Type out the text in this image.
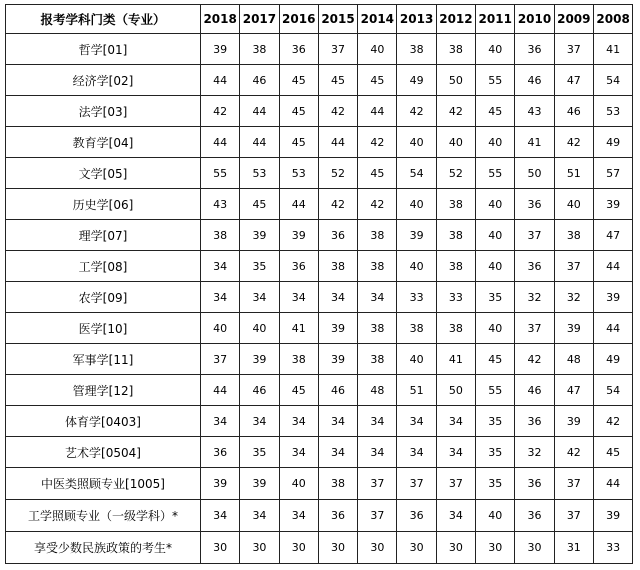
报考学科门类（专业）	2018	2017	2016	2015	2014	2013	2012	2011	2010	2009	2008
哲学[01]	39	38	36	37	40	38	38	40	36	37	41
经济学[02]	44	46	45	45	45	49	50	55	46	47	54
法学[03]	42	44	45	42	44	42	42	45	43	46	53
教育学[04]	44	44	45	44	42	40	40	40	41	42	49
文学[05]	55	53	53	52	45	54	52	55	50	51	57
历史学[06]	43	45	44	42	42	40	38	40	36	40	39
理学[07]	38	39	39	36	38	39	38	40	37	38	47
工学[08]	34	35	36	38	38	40	38	40	36	37	44
农学[09]	34	34	34	34	34	33	33	35	32	32	39
医学[10]	40	40	41	39	38	38	38	40	37	39	44
军事学[11]	37	39	38	39	38	40	41	45	42	48	49
管理学[12]	44	46	45	46	48	51	50	55	46	47	54
体育学[0403]	34	34	34	34	34	34	34	35	36	39	42
艺术学[0504]	36	35	34	34	34	34	34	35	32	42	45
中医类照顾专业[1005]	39	39	40	38	37	37	37	35	36	37	44
工学照顾专业（一级学科）*	34	34	34	36	37	36	34	40	36	37	39
享受少数民族政策的考生*	30	30	30	30	30	30	30	30	30	31	33
